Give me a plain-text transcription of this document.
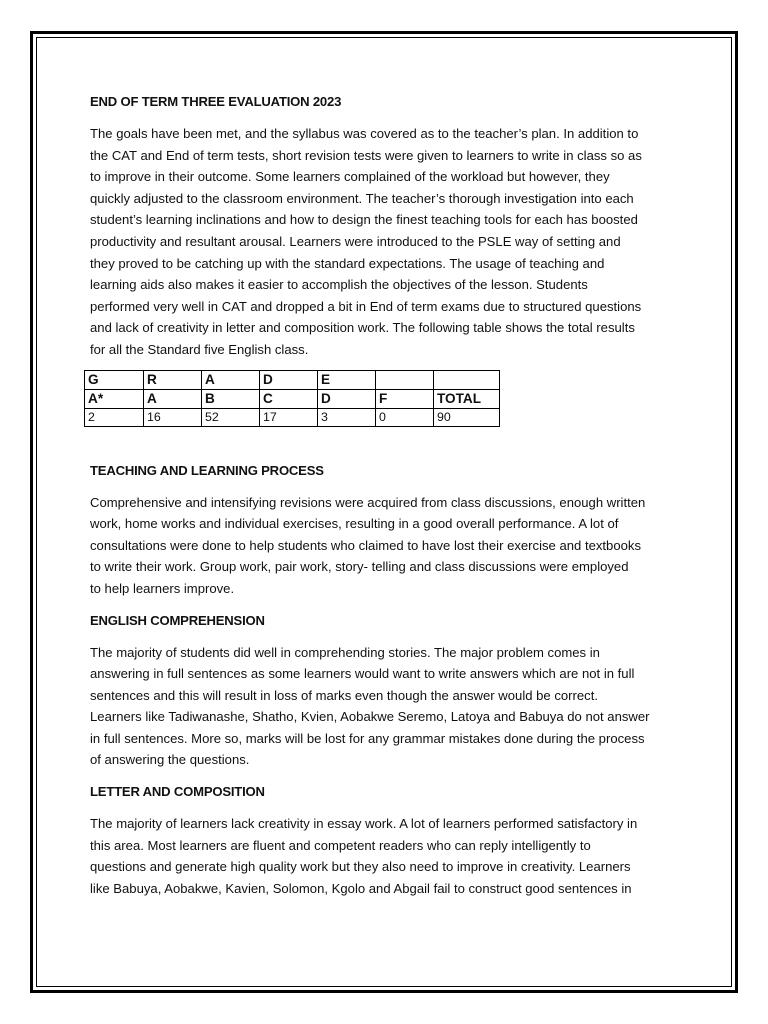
END OF TERM THREE EVALUATION 2023

The goals have been met, and the syllabus was covered as to the teacher’s plan. In addition to
the CAT and End of term tests, short revision tests were given to learners to write in class so as
to improve in their outcome. Some learners complained of the workload but however, they
quickly adjusted to the classroom environment. The teacher’s thorough investigation into each
student’s learning inclinations and how to design the finest teaching tools for each has boosted
productivity and resultant arousal. Learners were introduced to the PSLE way of setting and
they proved to be catching up with the standard expectations. The usage of teaching and
learning aids also makes it easier to accomplish the objectives of the lesson. Students
performed very well in CAT and dropped a bit in End of term exams due to structured questions
and lack of creativity in letter and composition work. The following table shows the total results
for all the Standard five English class.

G	R	A	D	E		
A*	A	B	C	D	F	TOTAL
2	16	52	17	3	0	90
TEACHING AND LEARNING PROCESS

Comprehensive and intensifying revisions were acquired from class discussions, enough written
work, home works and individual exercises, resulting in a good overall performance. A lot of
consultations were done to help students who claimed to have lost their exercise and textbooks
to write their work. Group work, pair work, story- telling and class discussions were employed
to help learners improve.

ENGLISH COMPREHENSION

The majority of students did well in comprehending stories. The major problem comes in
answering in full sentences as some learners would want to write answers which are not in full
sentences and this will result in loss of marks even though the answer would be correct.
Learners like Tadiwanashe, Shatho, Kvien, Aobakwe Seremo, Latoya and Babuya do not answer
in full sentences. More so, marks will be lost for any grammar mistakes done during the process
of answering the questions.

LETTER AND COMPOSITION

The majority of learners lack creativity in essay work. A lot of learners performed satisfactory in
this area. Most learners are fluent and competent readers who can reply intelligently to
questions and generate high quality work but they also need to improve in creativity. Learners
like Babuya, Aobakwe, Kavien, Solomon, Kgolo and Abgail fail to construct good sentences in
